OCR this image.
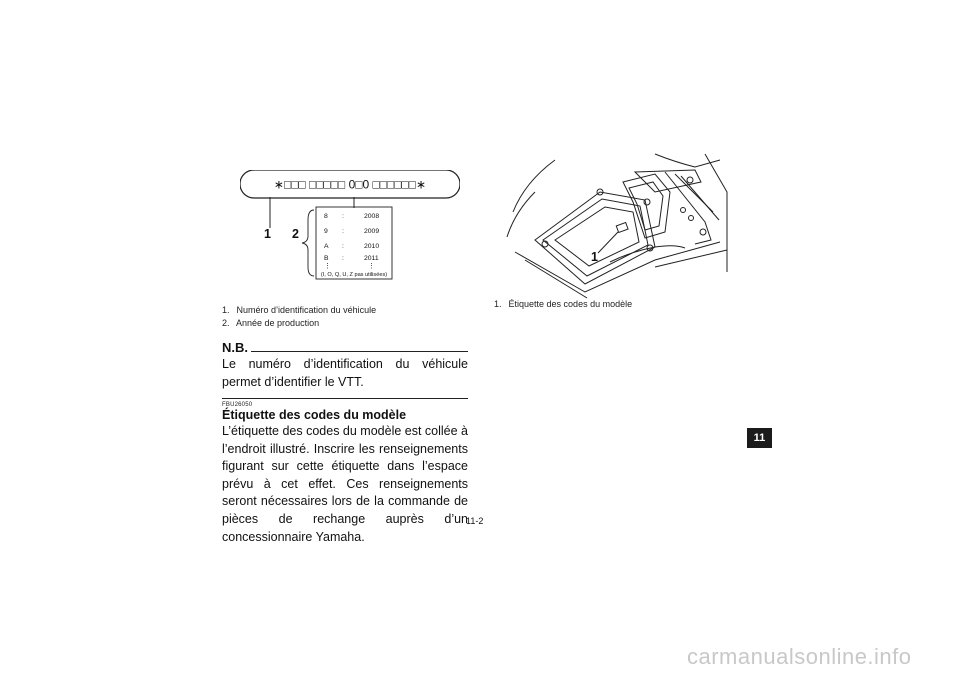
∗□□□ □□□□□ 0□0 □□□□□□∗
1 2
8 :	2008
9 :	2009
A :	2010
B :	2011
⋮	⋮
(I, O, Q, U, Z pas utilisées)
1. Numéro d’identification du véhicule
2. Année de production
N.B.
Le numéro d’identification du véhicule permet d’identifier le VTT.
FBU26050
Étiquette des codes du modèle
L’étiquette des codes du modèle est collée à l’endroit illustré. Inscrire les renseignements figurant sur cette étiquette dans l’espace prévu à cet effet. Ces renseignements seront nécessaires lors de la commande de pièces de rechange auprès d’un concessionnaire Yamaha.
1
1. Étiquette des codes du modèle
11
11-2
carmanualsonline.info
